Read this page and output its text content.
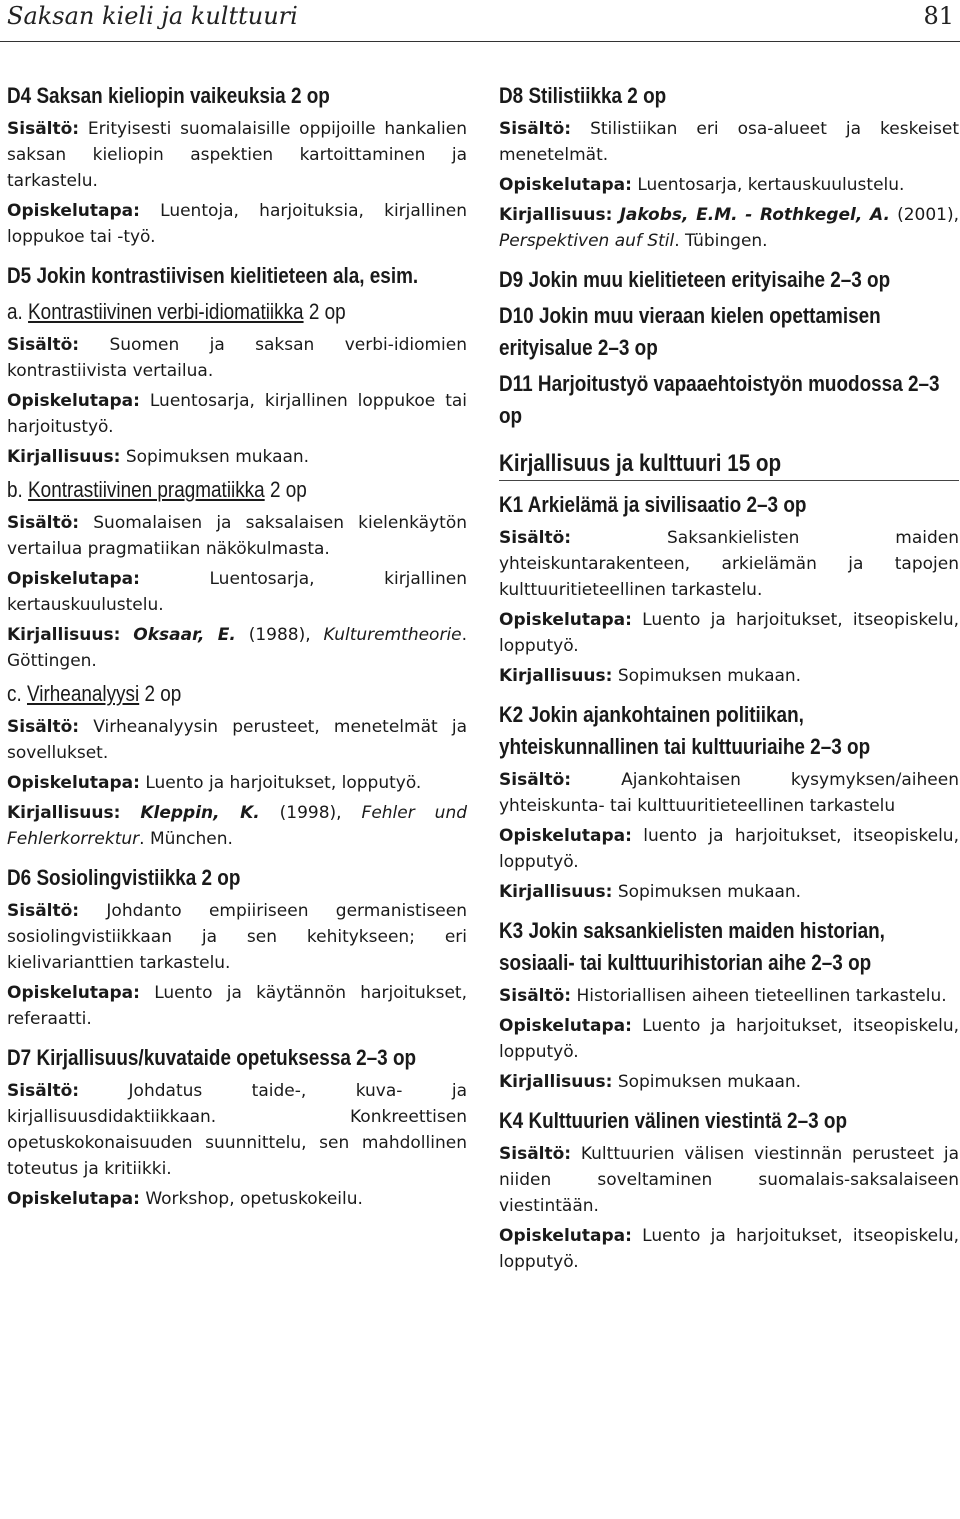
Saksan kieli ja kulttuuri	81
D4 Saksan kieliopin vaikeuksia 2 op

Sisältö: Erityisesti suomalaisille oppijoille hankalien saksan kieliopin aspektien kartoittaminen ja tarkastelu.

Opiskelutapa: Luentoja, harjoituksia, kirjallinen loppukoe tai -työ.

D5 Jokin kontrastiivisen kielitieteen ala, esim.
a. Kontrastiivinen verbi-idiomatiikka 2 op

Sisältö: Suomen ja saksan verbi-idiomien kontrastiivista vertailua.

Opiskelutapa: Luentosarja, kirjallinen loppukoe tai harjoitustyö.

Kirjallisuus: Sopimuksen mukaan.

b. Kontrastiivinen pragmatiikka 2 op

Sisältö: Suomalaisen ja saksalaisen kielenkäytön vertailua pragmatiikan näkökulmasta.

Opiskelutapa:	Luentosarja, kirjallinen kertauskuulustelu.

Kirjallisuus: Oksaar, E. (1988), Kulturemtheorie. Göttingen.

c. Virheanalyysi 2 op

Sisältö: Virheanalyysin perusteet, menetelmät ja sovellukset.

Opiskelutapa: Luento ja harjoitukset, lopputyö.

Kirjallisuus: Kleppin, K. (1998), Fehler und Fehlerkorrektur. München.

D6 Sosiolingvistiikka 2 op

Sisältö: Johdanto empiiriseen germanistiseen sosiolingvistiikkaan ja sen kehitykseen; eri kielivarianttien tarkastelu.

Opiskelutapa: Luento ja käytännön harjoitukset, referaatti.

D7 Kirjallisuus/kuvataide opetuksessa 2–3 op

Sisältö:	Johdatus taide-, kuva- ja kirjallisuusdidaktiikkaan. Konkreettisen opetuskokonaisuuden suunnittelu, sen mahdollinen toteutus ja kritiikki.

Opiskelutapa: Workshop, opetuskokeilu.

D8 Stilistiikka 2 op

Sisältö: Stilistiikan eri osa-alueet ja keskeiset menetelmät.

Opiskelutapa: Luentosarja, kertauskuulustelu.

Kirjallisuus: Jakobs, E.M. - Rothkegel, A. (2001), Perspektiven auf Stil. Tübingen.

D9 Jokin muu kielitieteen erityisaihe 2–3 op
D10 Jokin muu vieraan kielen opettamisen erityisalue 2–3 op
D11 Harjoitustyö vapaaehtoistyön muodossa 2–3 op
Kirjallisuus ja kulttuuri 15 op
K1 Arkielämä ja sivilisaatio 2–3 op

Sisältö:	Saksankielisten maiden yhteiskuntarakenteen, arkielämän ja tapojen kulttuuritieteellinen tarkastelu.

Opiskelutapa: Luento ja harjoitukset, itseopiskelu, lopputyö.

Kirjallisuus: Sopimuksen mukaan.

K2 Jokin ajankohtainen politiikan, yhteiskunnallinen tai kulttuuriaihe 2–3 op

Sisältö:	Ajankohtaisen kysymyksen/aiheen yhteiskunta- tai kulttuuritieteellinen tarkastelu

Opiskelutapa: luento ja harjoitukset, itseopiskelu, lopputyö.

Kirjallisuus: Sopimuksen mukaan.

K3 Jokin saksankielisten maiden historian, sosiaali- tai kulttuurihistorian aihe 2–3 op

Sisältö: Historiallisen aiheen tieteellinen tarkastelu.

Opiskelutapa: Luento ja harjoitukset, itseopiskelu, lopputyö.

Kirjallisuus: Sopimuksen mukaan.

K4 Kulttuurien välinen viestintä 2–3 op

Sisältö: Kulttuurien välisen viestinnän perusteet ja niiden soveltaminen suomalais-saksalaiseen viestintään.

Opiskelutapa: Luento ja harjoitukset, itseopiskelu, lopputyö.
